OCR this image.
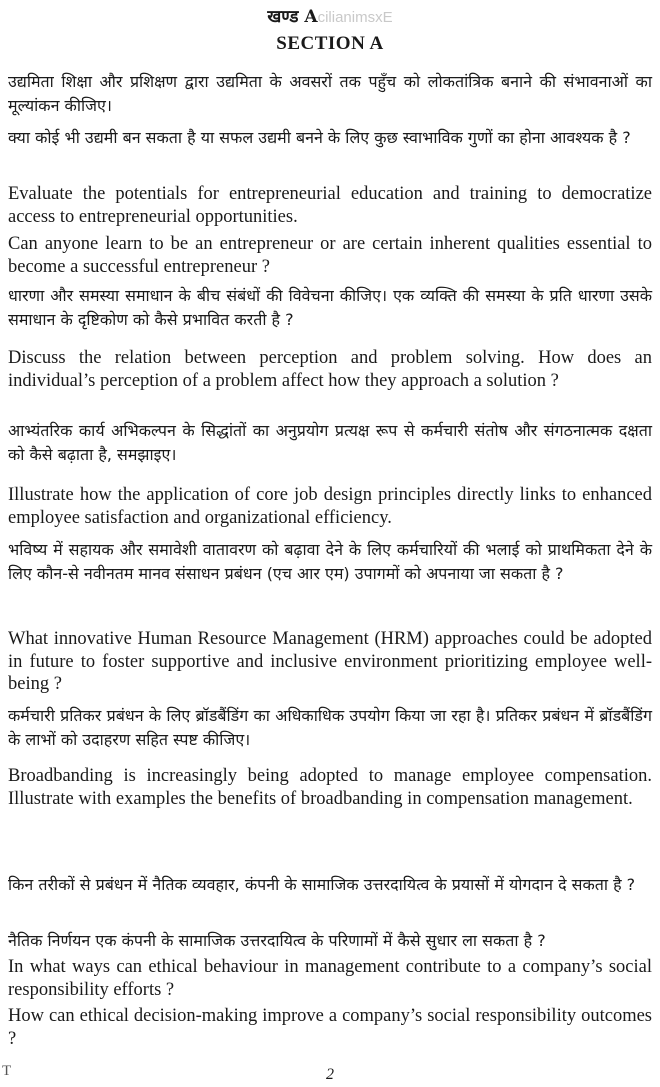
खण्ड AcilianimsxE
SECTION A

उद्यमिता शिक्षा और प्रशिक्षण द्वारा उद्यमिता के अवसरों तक पहुँच को लोकतांत्रिक बनाने की संभावनाओं का मूल्यांकन कीजिए।

क्या कोई भी उद्यमी बन सकता है या सफल उद्यमी बनने के लिए कुछ स्वाभाविक गुणों का होना आवश्यक है ?

Evaluate the potentials for entrepreneurial education and training to democratize access to entrepreneurial opportunities.

Can anyone learn to be an entrepreneur or are certain inherent qualities essential to become a successful entrepreneur ?

धारणा और समस्या समाधान के बीच संबंधों की विवेचना कीजिए। एक व्यक्ति की समस्या के प्रति धारणा उसके समाधान के दृष्टिकोण को कैसे प्रभावित करती है ?

Discuss the relation between perception and problem solving. How does an individual’s perception of a problem affect how they approach a solution ?

आभ्यंतरिक कार्य अभिकल्पन के सिद्धांतों का अनुप्रयोग प्रत्यक्ष रूप से कर्मचारी संतोष और संगठनात्मक दक्षता को कैसे बढ़ाता है, समझाइए।

Illustrate how the application of core job design principles directly links to enhanced employee satisfaction and organizational efficiency.

भविष्य में सहायक और समावेशी वातावरण को बढ़ावा देने के लिए कर्मचारियों की भलाई को प्राथमिकता देने के लिए कौन-से नवीनतम मानव संसाधन प्रबंधन (एच आर एम) उपागमों को अपनाया जा सकता है ?

What innovative Human Resource Management (HRM) approaches could be adopted in future to foster supportive and inclusive environment prioritizing employee well-being ?

कर्मचारी प्रतिकर प्रबंधन के लिए ब्रॉडबैंडिंग का अधिकाधिक उपयोग किया जा रहा है। प्रतिकर प्रबंधन में ब्रॉडबैंडिंग के लाभों को उदाहरण सहित स्पष्ट कीजिए।

Broadbanding is increasingly being adopted to manage employee compensation. Illustrate with examples the benefits of broadbanding in compensation management.

किन तरीकों से प्रबंधन में नैतिक व्यवहार, कंपनी के सामाजिक उत्तरदायित्व के प्रयासों में योगदान दे सकता है ?

नैतिक निर्णयन एक कंपनी के सामाजिक उत्तरदायित्व के परिणामों में कैसे सुधार ला सकता है ?

In what ways can ethical behaviour in management contribute to a company’s social responsibility efforts ?

How can ethical decision-making improve a company’s social responsibility outcomes ?

T	2
